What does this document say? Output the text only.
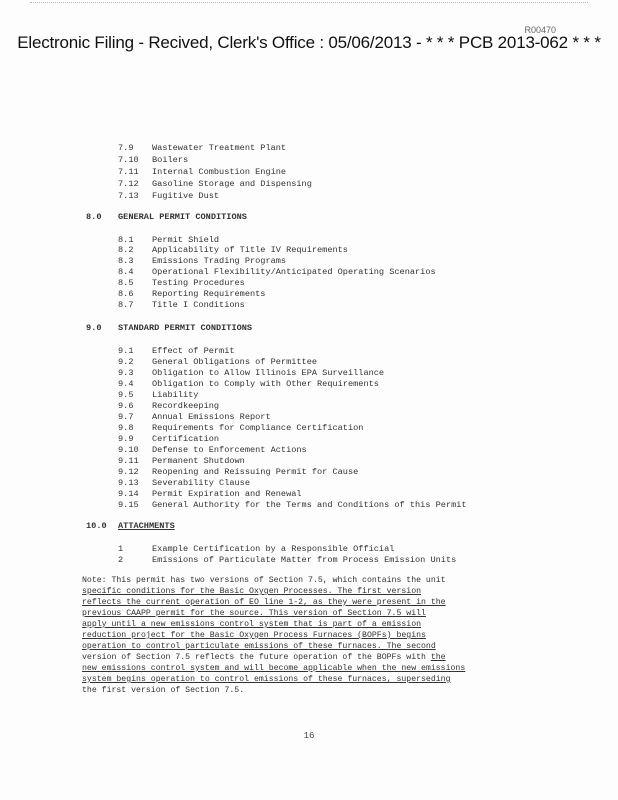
R00470
Electronic Filing - Recived, Clerk's Office : 05/06/2013 - * * * PCB 2013-062 * * *
7.9 Wastewater Treatment Plant
7.10 Boilers
7.11 Internal Combustion Engine
7.12 Gasoline Storage and Dispensing
7.13 Fugitive Dust
8.0 GENERAL PERMIT CONDITIONS
8.1 Permit Shield
8.2 Applicability of Title IV Requirements
8.3 Emissions Trading Programs
8.4 Operational Flexibility/Anticipated Operating Scenarios
8.5 Testing Procedures
8.6 Reporting Requirements
8.7 Title I Conditions
9.0 STANDARD PERMIT CONDITIONS
9.1 Effect of Permit
9.2 General Obligations of Permittee
9.3 Obligation to Allow Illinois EPA Surveillance
9.4 Obligation to Comply with Other Requirements
9.5 Liability
9.6 Recordkeeping
9.7 Annual Emissions Report
9.8 Requirements for Compliance Certification
9.9 Certification
9.10 Defense to Enforcement Actions
9.11 Permanent Shutdown
9.12 Reopening and Reissuing Permit for Cause
9.13 Severability Clause
9.14 Permit Expiration and Renewal
9.15 General Authority for the Terms and Conditions of this Permit
10.0 ATTACHMENTS
1	Example Certification by a Responsible Official
2	Emissions of Particulate Matter from Process Emission Units
Note: This permit has two versions of Section 7.5, which contains the unit
specific conditions for the Basic Oxygen Processes. The first version
reflects the current operation of EO line 1-2, as they were present in the
previous CAAPP permit for the source. This version of Section 7.5 will
apply until a new emissions control system that is part of a emission
reduction project for the Basic Oxygen Process Furnaces (BOPFs) begins
operation to control particulate emissions of these furnaces. The second
version of Section 7.5 reflects the future operation of the BOPFs with the
new emissions control system and will become applicable when the new emissions
system begins operation to control emissions of these furnaces, superseding
the first version of Section 7.5.
16
